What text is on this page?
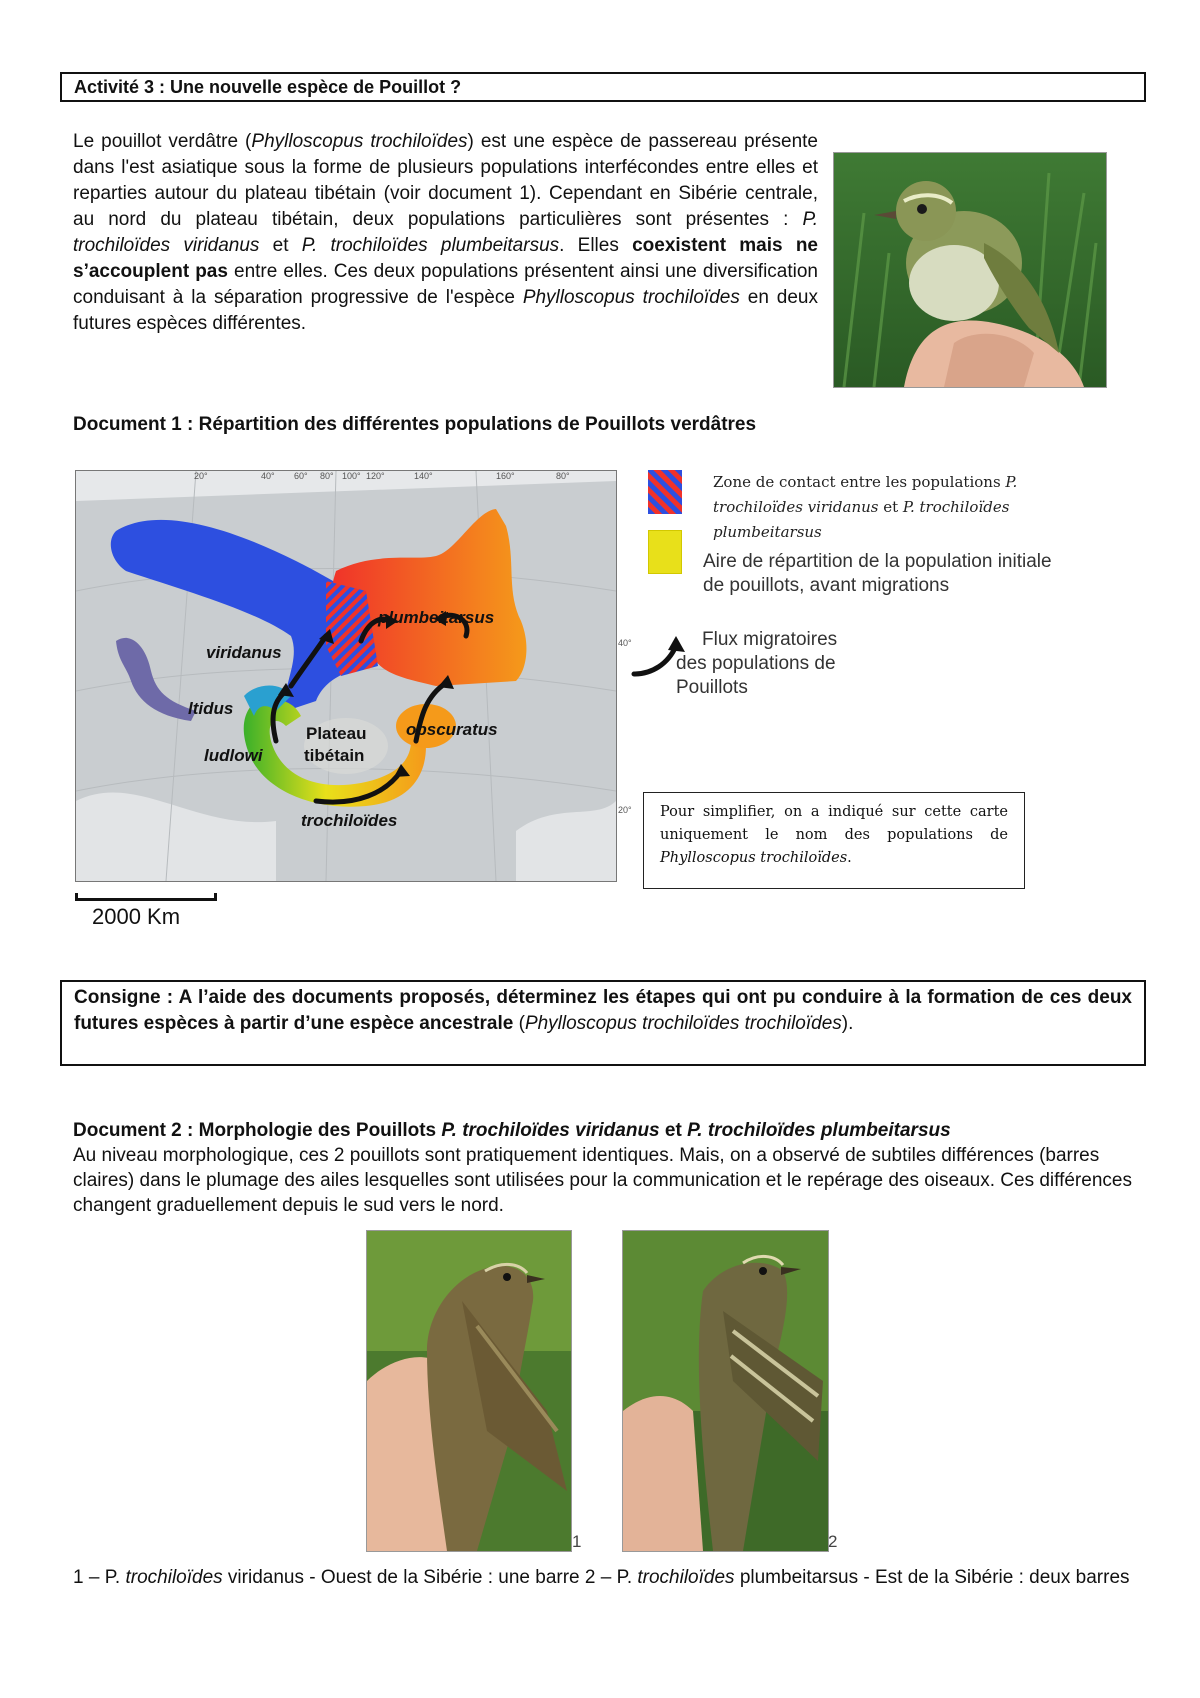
Activité 3 : Une nouvelle espèce de Pouillot ?
Le pouillot verdâtre (Phylloscopus trochiloïdes) est une espèce de passereau présente dans l'est asiatique sous la forme de plusieurs populations interfécondes entre elles et reparties autour du plateau tibétain (voir document 1). Cependant en Sibérie centrale, au nord du plateau tibétain, deux populations particulières sont présentes : P. trochiloïdes viridanus et P. trochiloïdes plumbeitarsus. Elles coexistent mais ne s’accouplent pas entre elles. Ces deux populations présentent ainsi une diversification conduisant à la séparation progressive de l'espèce Phylloscopus trochiloïdes en deux futures espèces différentes.
Document 1 : Répartition des différentes populations de Pouillots verdâtres
20°	40° 60° 80° 100° 120°	140°	160°	80°
plumbeitarsus
viridanus
ltidus
ludlowi
Plateau
tibétain
obscuratus
trochiloïdes
40°
20°
2000 Km
Zone de contact entre les populations P. trochiloïdes viridanus et P. trochiloïdes plumbeitarsus
Aire de répartition de la population initiale de pouillots, avant migrations
Flux migratoires des populations de Pouillots
Pour simplifier, on a indiqué sur cette carte uniquement le nom des populations de Phylloscopus trochiloïdes.
Consigne : A l’aide des documents proposés, déterminez les étapes qui ont pu conduire à la formation de ces deux futures espèces à partir d’une espèce ancestrale (Phylloscopus trochiloïdes trochiloïdes).
Document 2 : Morphologie des Pouillots P. trochiloïdes viridanus et P. trochiloïdes plumbeitarsus
Au niveau morphologique, ces 2 pouillots sont pratiquement identiques. Mais, on a observé de subtiles différences (barres claires) dans le plumage des ailes lesquelles sont utilisées pour la communication et le repérage des oiseaux. Ces différences changent graduellement depuis le sud vers le nord.
1	2
1 – P. trochiloïdes viridanus - Ouest de la Sibérie : une barre 2 – P. trochiloïdes plumbeitarsus - Est de la Sibérie : deux barres
